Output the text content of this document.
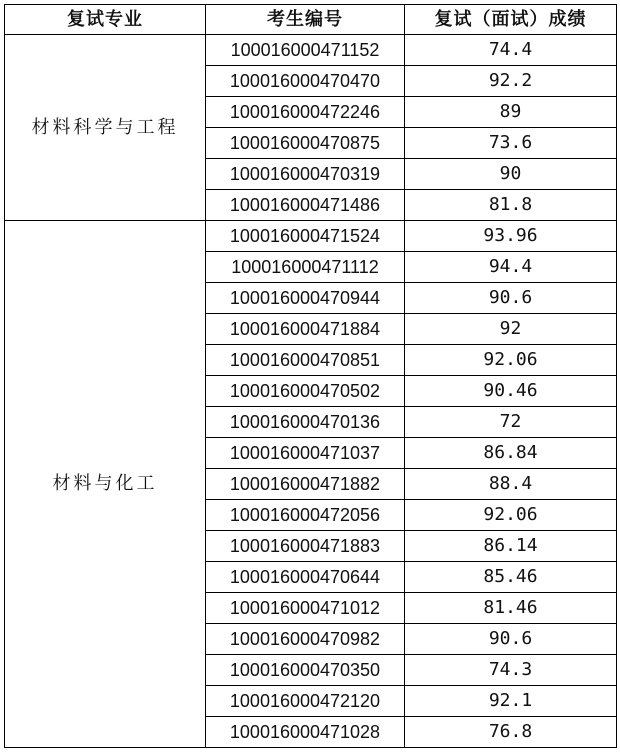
复试专业	考生编号	复试（面试）成绩
材料科学与工程	100016000471152	74.4
	100016000470470	92.2
	100016000472246	89
	100016000470875	73.6
	100016000470319	90
	100016000471486	81.8
材料与化工	100016000471524	93.96
	100016000471112	94.4
	100016000470944	90.6
	100016000471884	92
	100016000470851	92.06
	100016000470502	90.46
	100016000470136	72
	100016000471037	86.84
	100016000471882	88.4
	100016000472056	92.06
	100016000471883	86.14
	100016000470644	85.46
	100016000471012	81.46
	100016000470982	90.6
	100016000470350	74.3
	100016000472120	92.1
	100016000471028	76.8
